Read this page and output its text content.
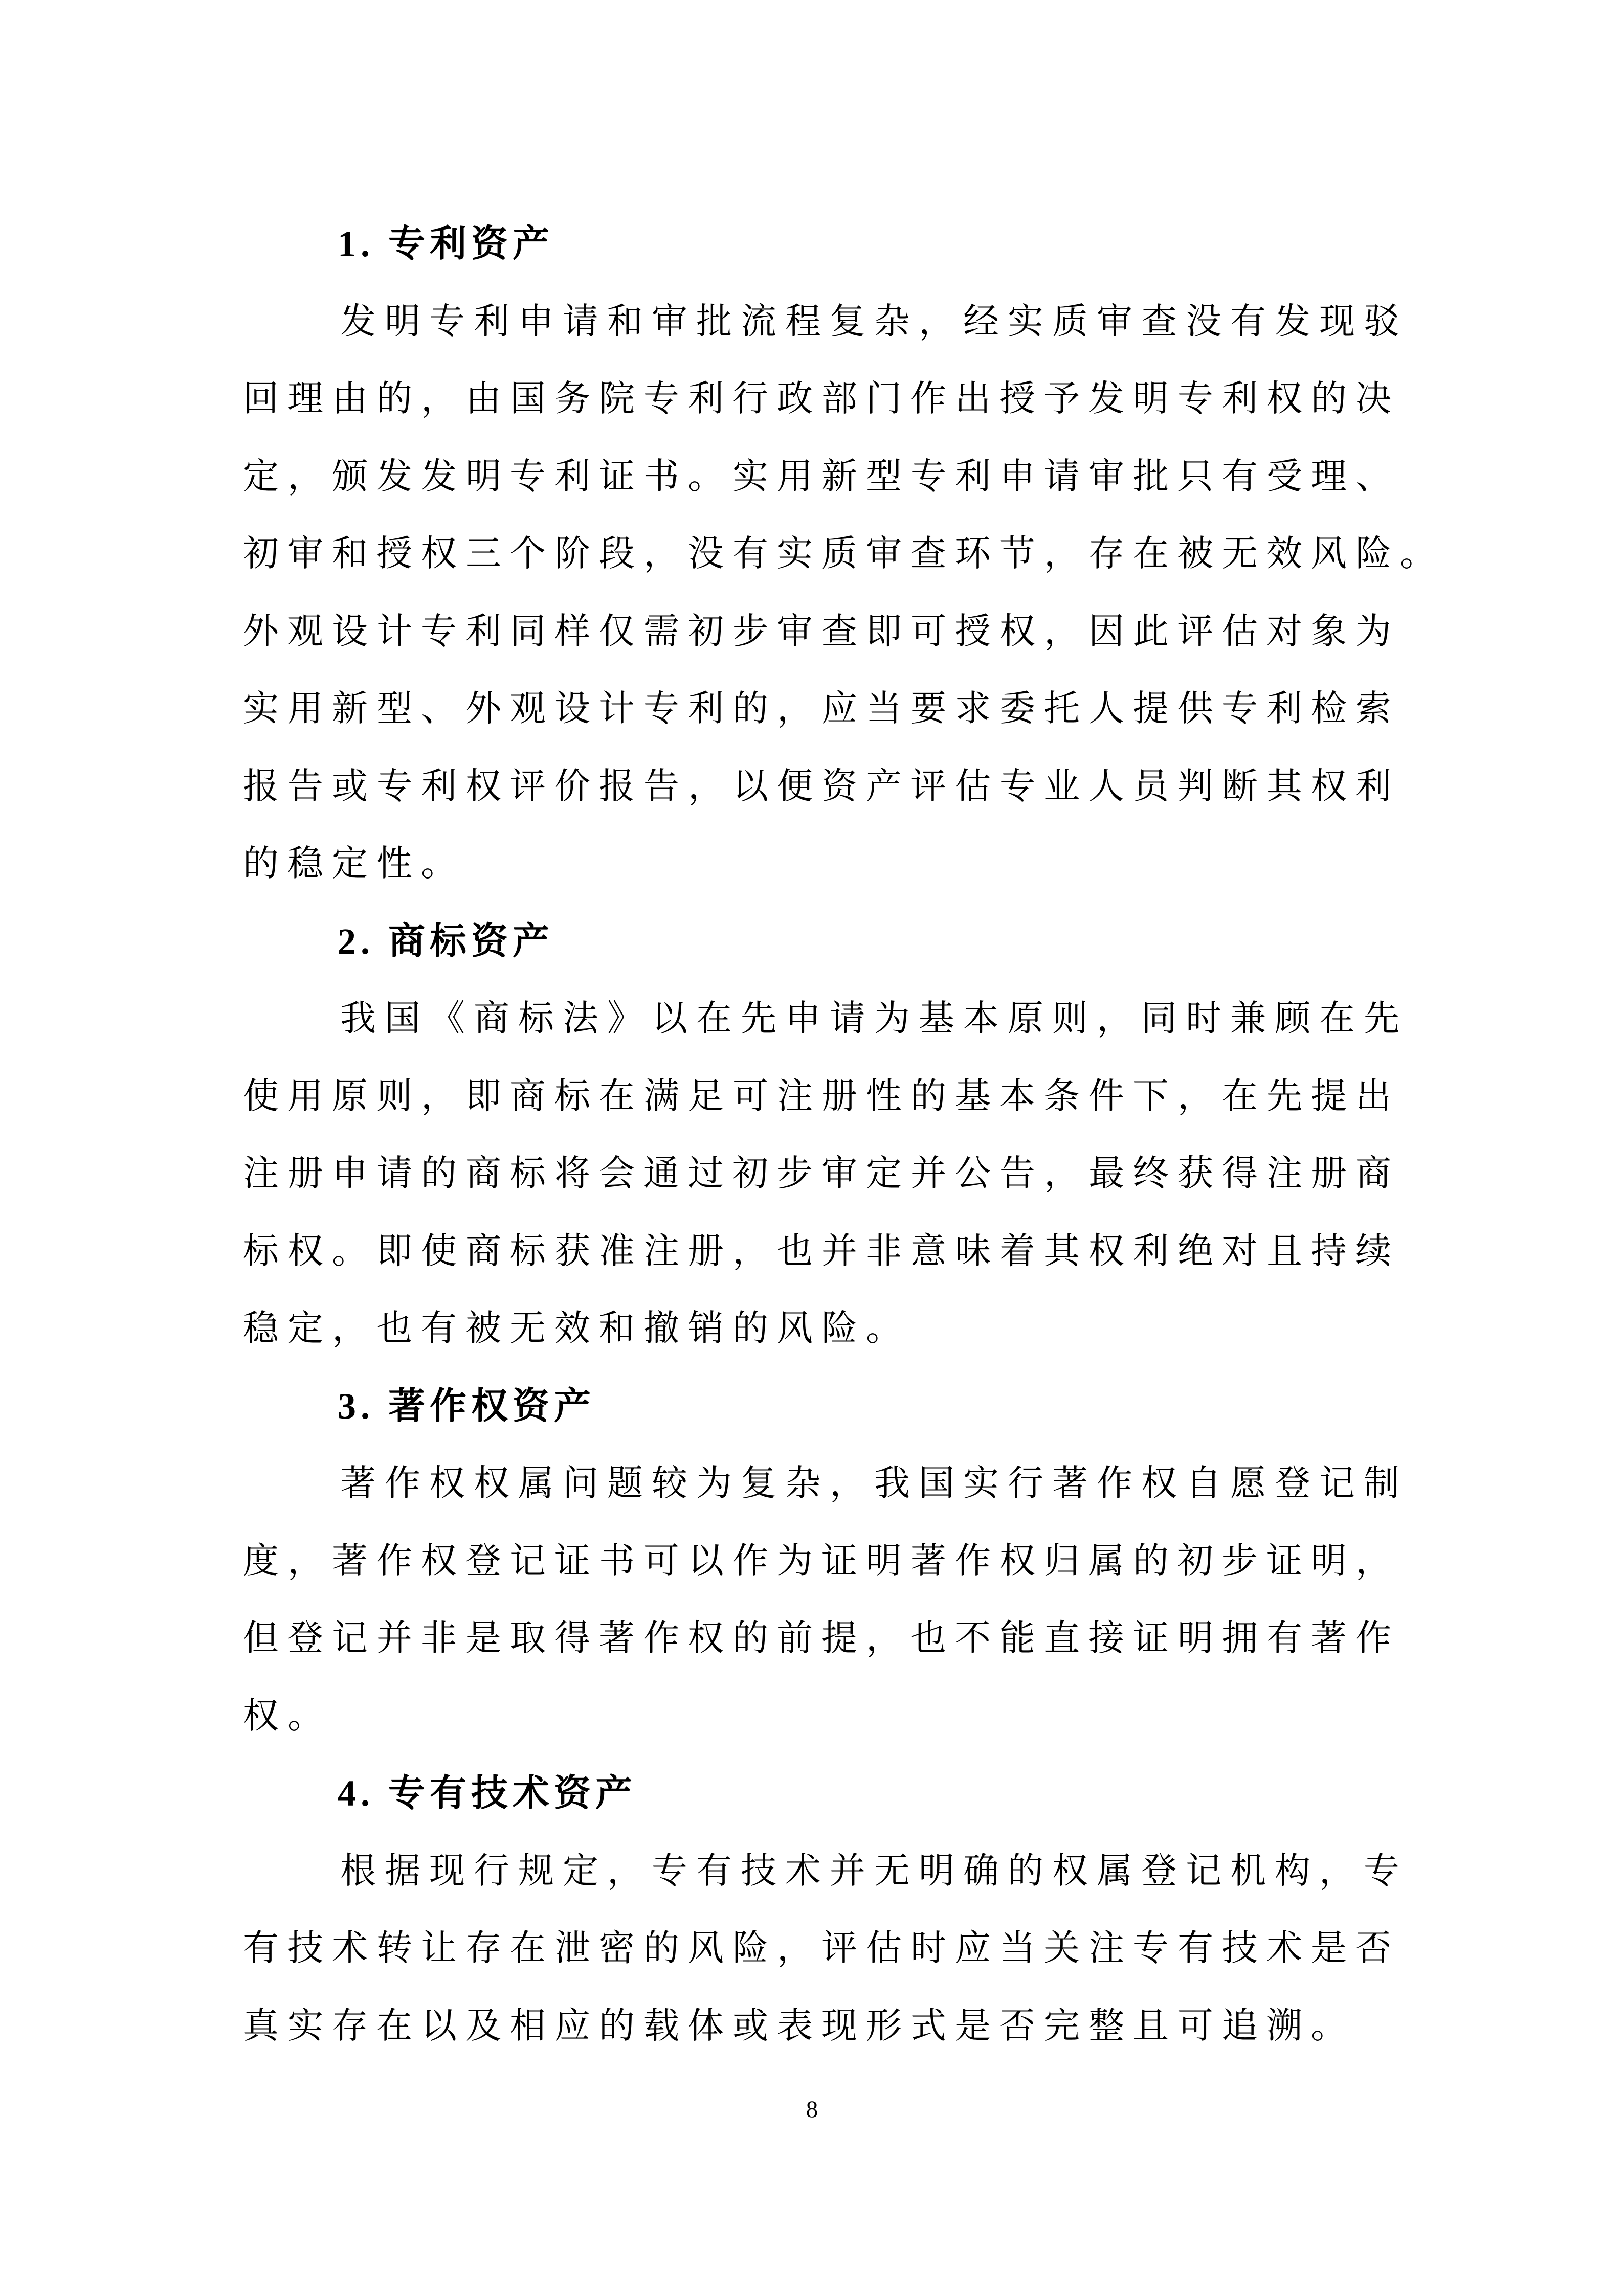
1. 专利资产
发明专利申请和审批流程复杂，经实质审查没有发现驳
回理由的，由国务院专利行政部门作出授予发明专利权的决
定，颁发发明专利证书。实用新型专利申请审批只有受理、
初审和授权三个阶段，没有实质审查环节，存在被无效风险。
外观设计专利同样仅需初步审查即可授权，因此评估对象为
实用新型、外观设计专利的，应当要求委托人提供专利检索
报告或专利权评价报告，以便资产评估专业人员判断其权利
的稳定性。
2. 商标资产
我国《商标法》以在先申请为基本原则，同时兼顾在先
使用原则，即商标在满足可注册性的基本条件下，在先提出
注册申请的商标将会通过初步审定并公告，最终获得注册商
标权。即使商标获准注册，也并非意味着其权利绝对且持续
稳定，也有被无效和撤销的风险。
3. 著作权资产
著作权权属问题较为复杂，我国实行著作权自愿登记制
度，著作权登记证书可以作为证明著作权归属的初步证明，
但登记并非是取得著作权的前提，也不能直接证明拥有著作
权。
4. 专有技术资产
根据现行规定，专有技术并无明确的权属登记机构，专
有技术转让存在泄密的风险，评估时应当关注专有技术是否
真实存在以及相应的载体或表现形式是否完整且可追溯。
8
